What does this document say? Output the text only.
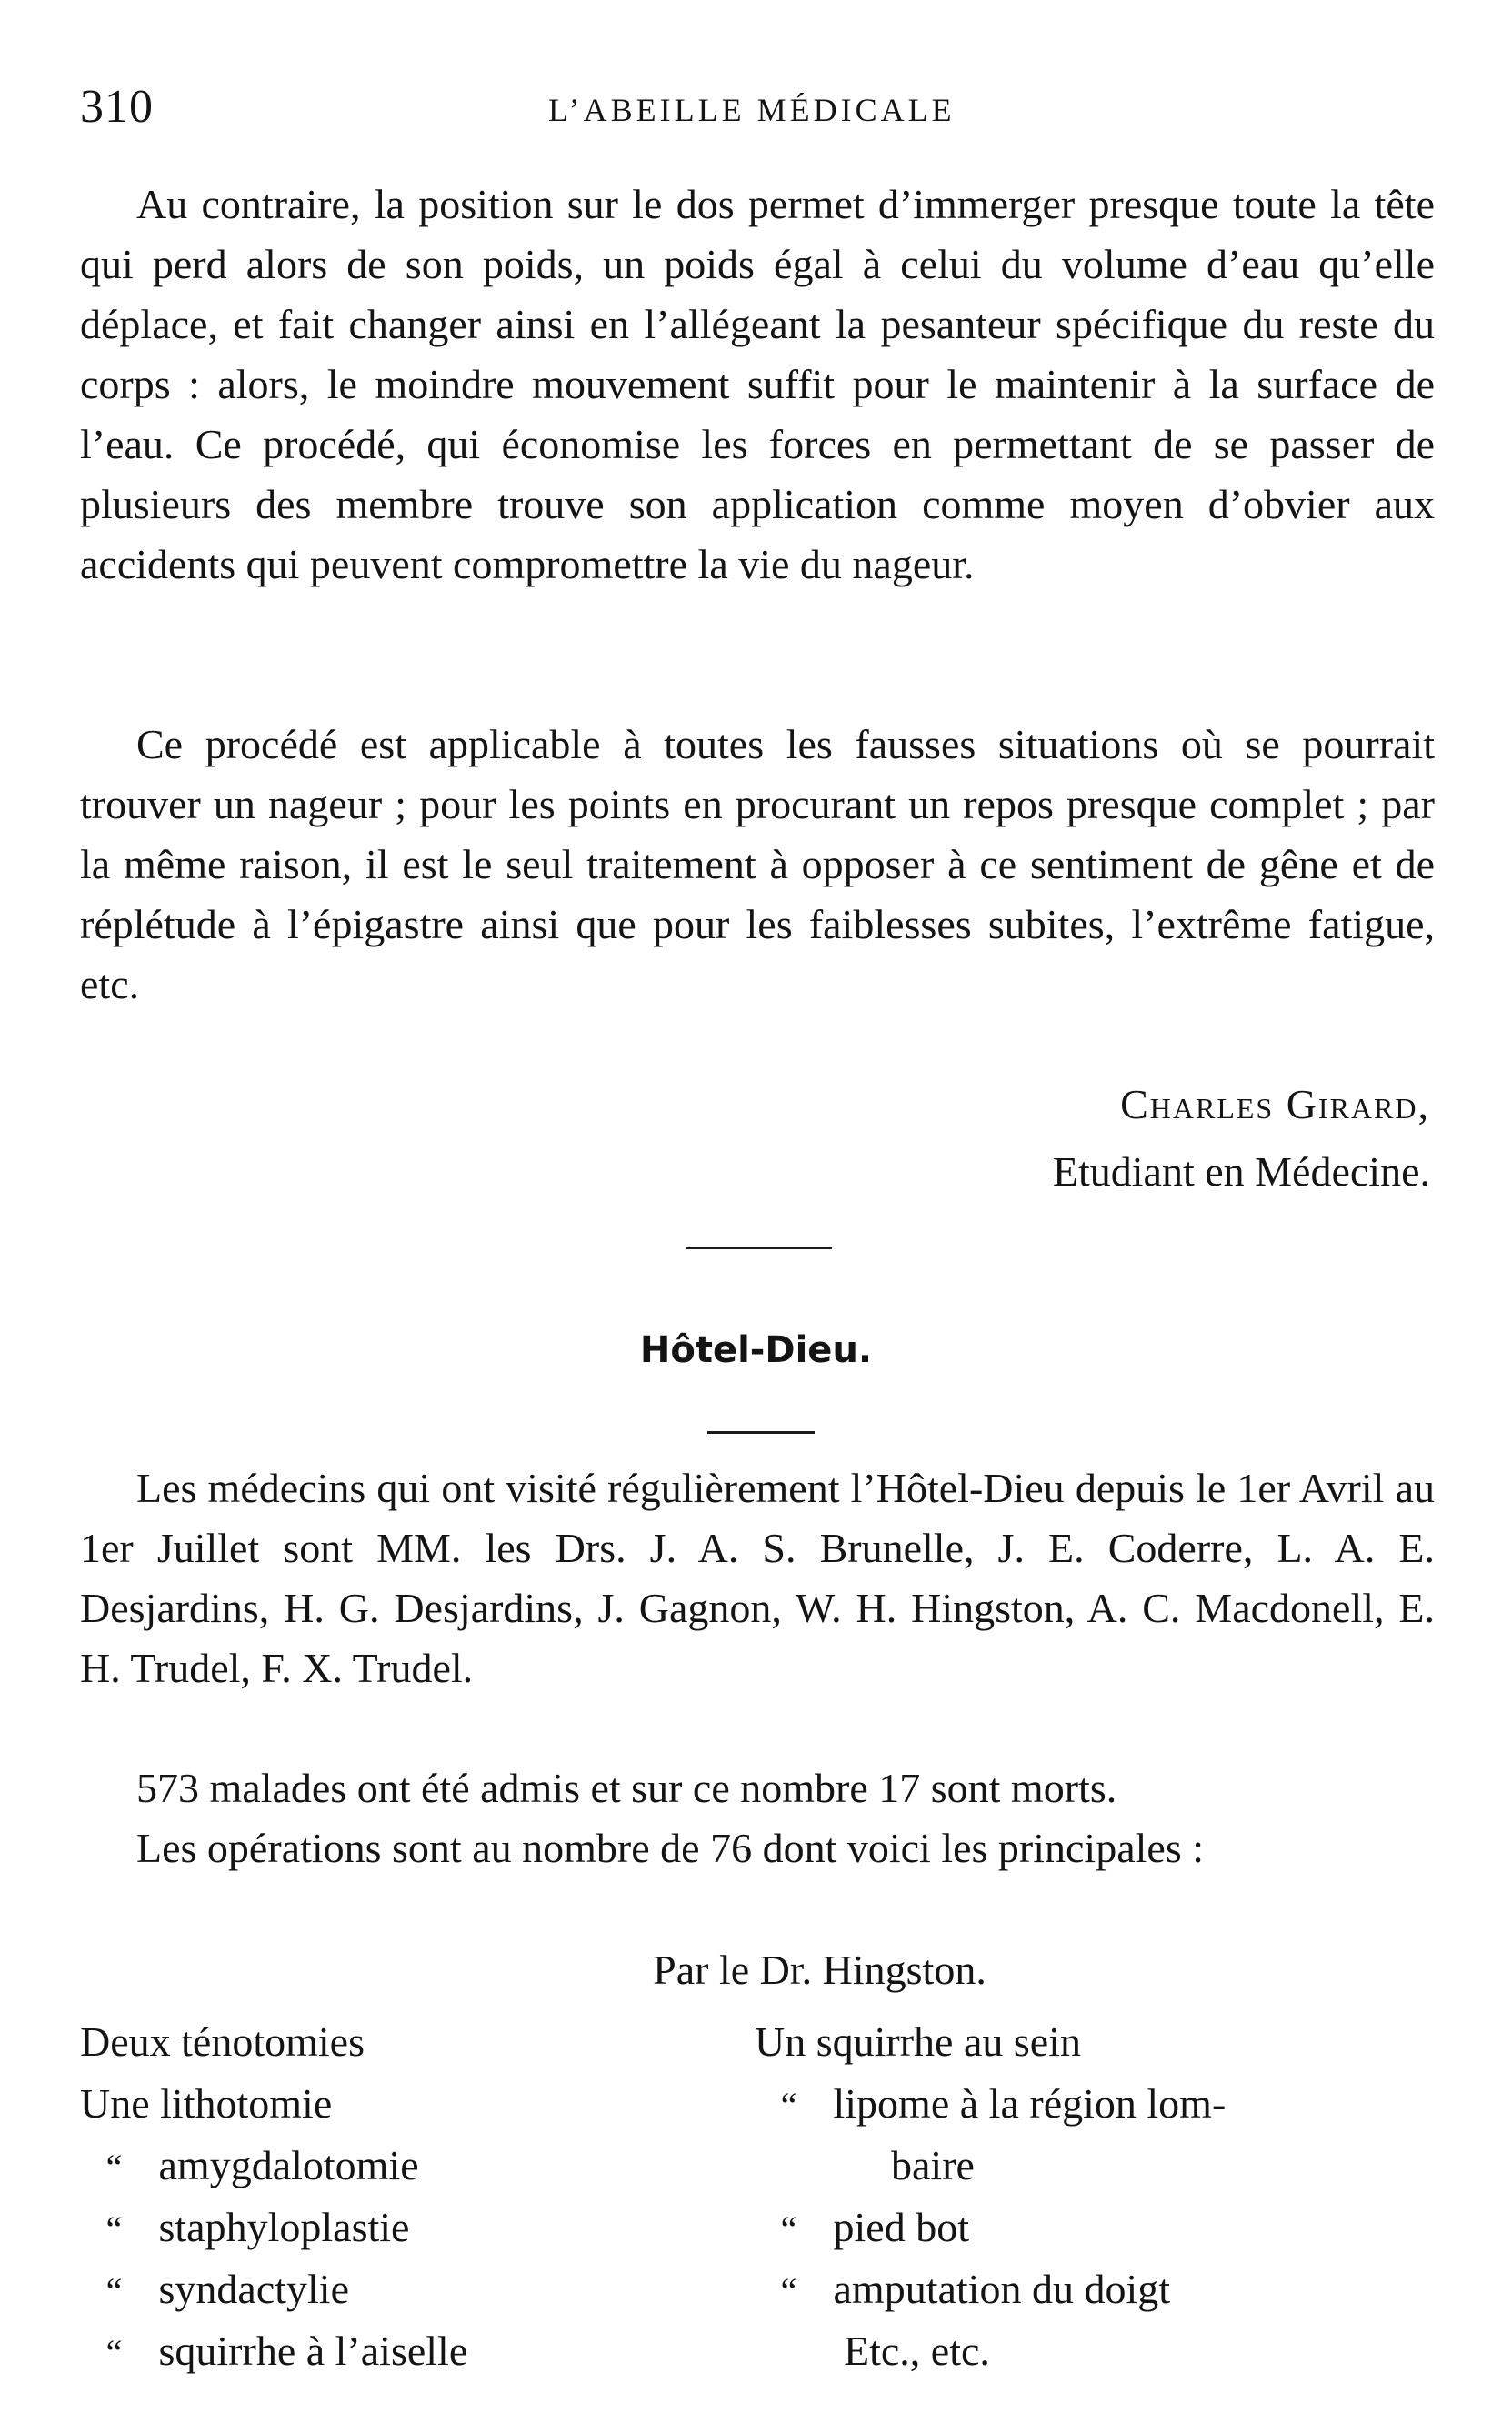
310	L’ABEILLE MÉDICALE

Au contraire, la position sur le dos permet d’immerger presque toute la tête qui perd alors de son poids, un poids égal à celui du volume d’eau qu’elle déplace, et fait changer ainsi en l’allégeant la pesanteur spécifique du reste du corps : alors, le moindre mouvement suffit pour le maintenir à la surface de l’eau. Ce procédé, qui économise les forces en permettant de se passer de plusieurs des membre trouve son application comme moyen d’obvier aux accidents qui peuvent compromettre la vie du nageur.

Ce procédé est applicable à toutes les fausses situations où se pourrait trouver un nageur ; pour les points en procurant un repos presque complet ; par la même raison, il est le seul traitement à opposer à ce sentiment de gêne et de réplétude à l’épigastre ainsi que pour les faiblesses subites, l’extrême fatigue, etc.

Charles Girard,
Etudiant en Médecine.
Hôtel-Dieu.

Les médecins qui ont visité régulièrement l’Hôtel-Dieu depuis le 1er Avril au 1er Juillet sont MM. les Drs. J. A. S. Brunelle, J. E. Coderre, L. A. E. Desjardins, H. G. Desjardins, J. Gagnon, W. H. Hingston, A. C. Macdonell, E. H. Trudel, F. X. Trudel.

573 malades ont été admis et sur ce nombre 17 sont morts.

Les opérations sont au nombre de 76 dont voici les principales :

Par le Dr. Hingston.
Deux ténotomies
Une lithotomie
“ amygdalotomie
“ staphyloplastie
“ syndactylie
“ squirrhe à l’aiselle
Un squirrhe au sein
“ lipome à la région lom-
baire
“ pied bot
“ amputation du doigt
Etc., etc.
